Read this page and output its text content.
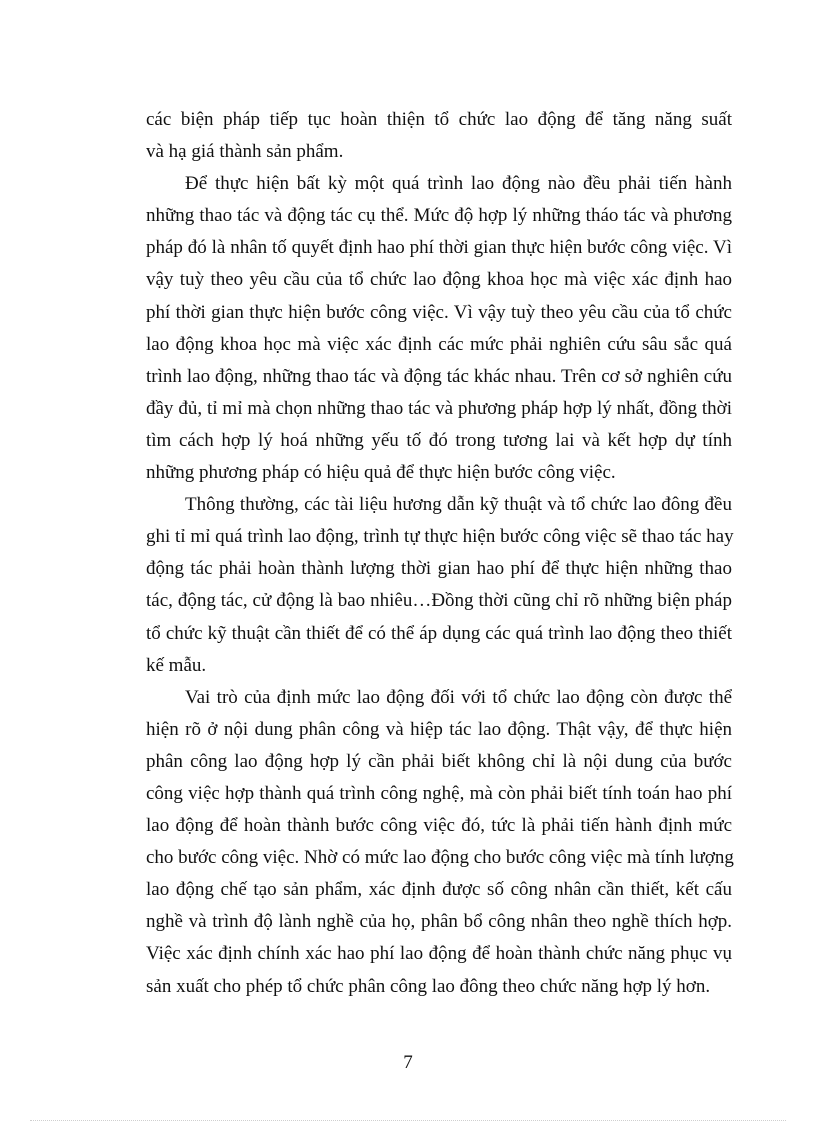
các biện pháp tiếp tục hoàn thiện tổ chức lao động để tăng năng suất
và hạ giá thành sản phẩm.
Để thực hiện bất kỳ một quá trình lao động nào đều phải tiến hành
những thao tác và động tác cụ thể. Mức độ hợp lý những tháo tác và phương
pháp đó là nhân tố quyết định hao phí thời gian thực hiện bước công việc. Vì
vậy tuỳ theo yêu cầu của tổ chức lao động khoa học mà việc xác định hao
phí thời gian thực hiện bước công việc. Vì vậy tuỳ theo yêu cầu của tổ chức
lao động khoa học mà việc xác định các mức phải nghiên cứu sâu sắc quá
trình lao động, những thao tác và động tác khác nhau. Trên cơ sở nghiên cứu
đầy đủ, tỉ mỉ mà chọn những thao tác và phương pháp hợp lý nhất, đồng thời
tìm cách hợp lý hoá những yếu tố đó trong tương lai và kết hợp dự tính
những phương pháp có hiệu quả để thực hiện bước công việc.
Thông thường, các tài liệu hương dẫn kỹ thuật và tổ chức lao đông đều
ghi tỉ mỉ quá trình lao động, trình tự thực hiện bước công việc sẽ thao tác hay
động tác phải hoàn thành lượng thời gian hao phí để thực hiện những thao
tác, động tác, cử động là bao nhiêu…Đồng thời cũng chỉ rõ những biện pháp
tổ chức kỹ thuật cần thiết để có thể áp dụng các quá trình lao động theo thiết
kế mẫu.
Vai trò của định mức lao động đối với tổ chức lao động còn được thể
hiện rõ ở nội dung phân công và hiệp tác lao động. Thật vậy, để thực hiện
phân công lao động hợp lý cần phải biết không chỉ là nội dung của bước
công việc hợp thành quá trình công nghệ, mà còn phải biết tính toán hao phí
lao động để hoàn thành bước công việc đó, tức là phải tiến hành định mức
cho bước công việc. Nhờ có mức lao động cho bước công việc mà tính lượng
lao động chế tạo sản phẩm, xác định được số công nhân cần thiết, kết cấu
nghề và trình độ lành nghề của họ, phân bổ công nhân theo nghề thích hợp.
Việc xác định chính xác hao phí lao động để hoàn thành chức năng phục vụ
sản xuất cho phép tổ chức phân công lao đông theo chức năng hợp lý hơn.
7
